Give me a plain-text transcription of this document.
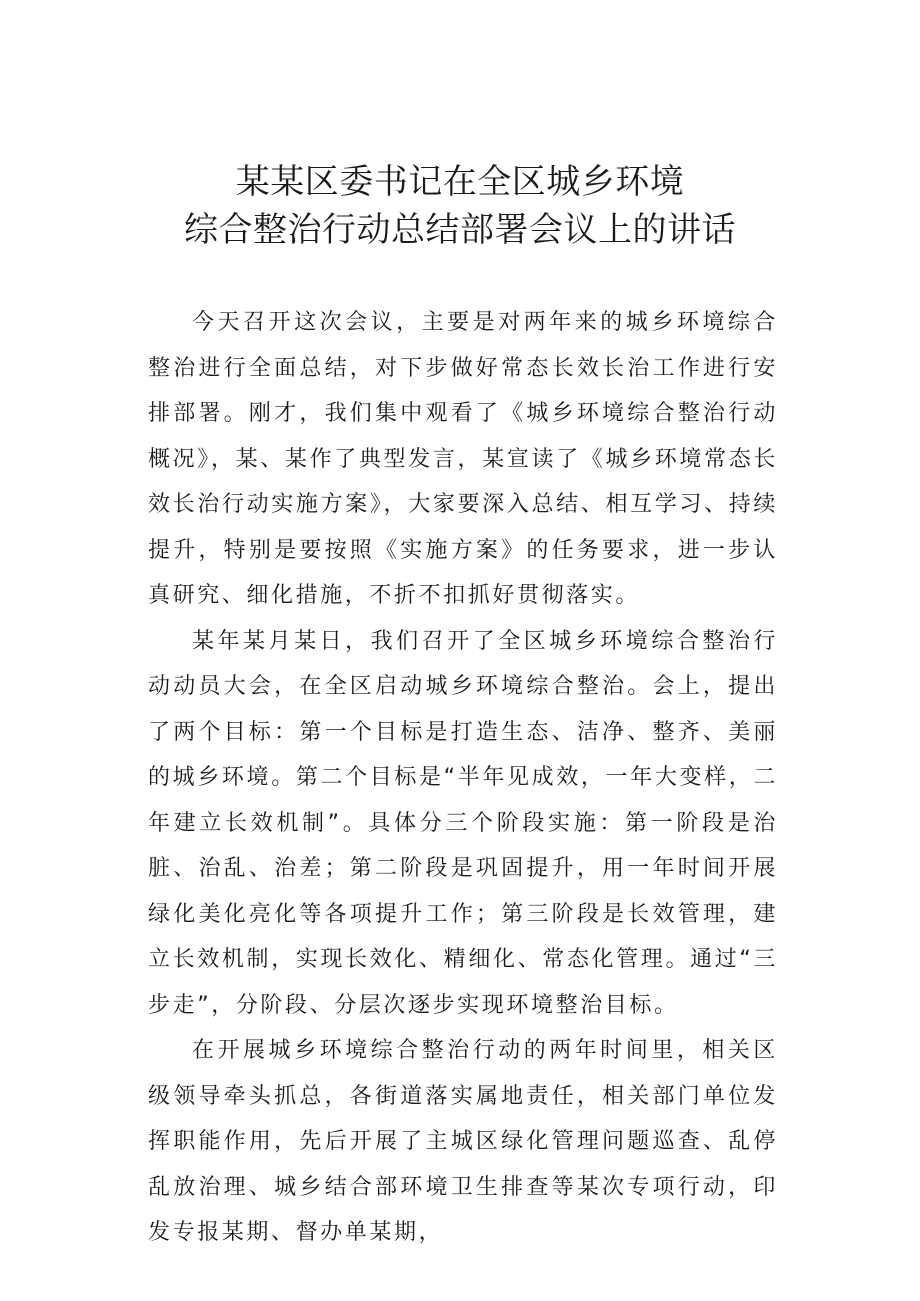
某某区委书记在全区城乡环境
综合整治行动总结部署会议上的讲话

今天召开这次会议，主要是对两年来的城乡环境综合整治进行全面总结，对下步做好常态长效长治工作进行安排部署。刚才，我们集中观看了《城乡环境综合整治行动概况》，某、某作了典型发言，某宣读了《城乡环境常态长效长治行动实施方案》，大家要深入总结、相互学习、持续提升，特别是要按照《实施方案》的任务要求，进一步认真研究、细化措施，不折不扣抓好贯彻落实。

某年某月某日，我们召开了全区城乡环境综合整治行动动员大会，在全区启动城乡环境综合整治。会上，提出了两个目标：第一个目标是打造生态、洁净、整齐、美丽的城乡环境。第二个目标是“半年见成效，一年大变样，二年建立长效机制”。具体分三个阶段实施：第一阶段是治脏、治乱、治差；第二阶段是巩固提升，用一年时间开展绿化美化亮化等各项提升工作；第三阶段是长效管理，建立长效机制，实现长效化、精细化、常态化管理。通过“三步走”，分阶段、分层次逐步实现环境整治目标。

在开展城乡环境综合整治行动的两年时间里，相关区级领导牵头抓总，各街道落实属地责任，相关部门单位发挥职能作用，先后开展了主城区绿化管理问题巡查、乱停乱放治理、城乡结合部环境卫生排查等某次专项行动，印发专报某期、督办单某期，
